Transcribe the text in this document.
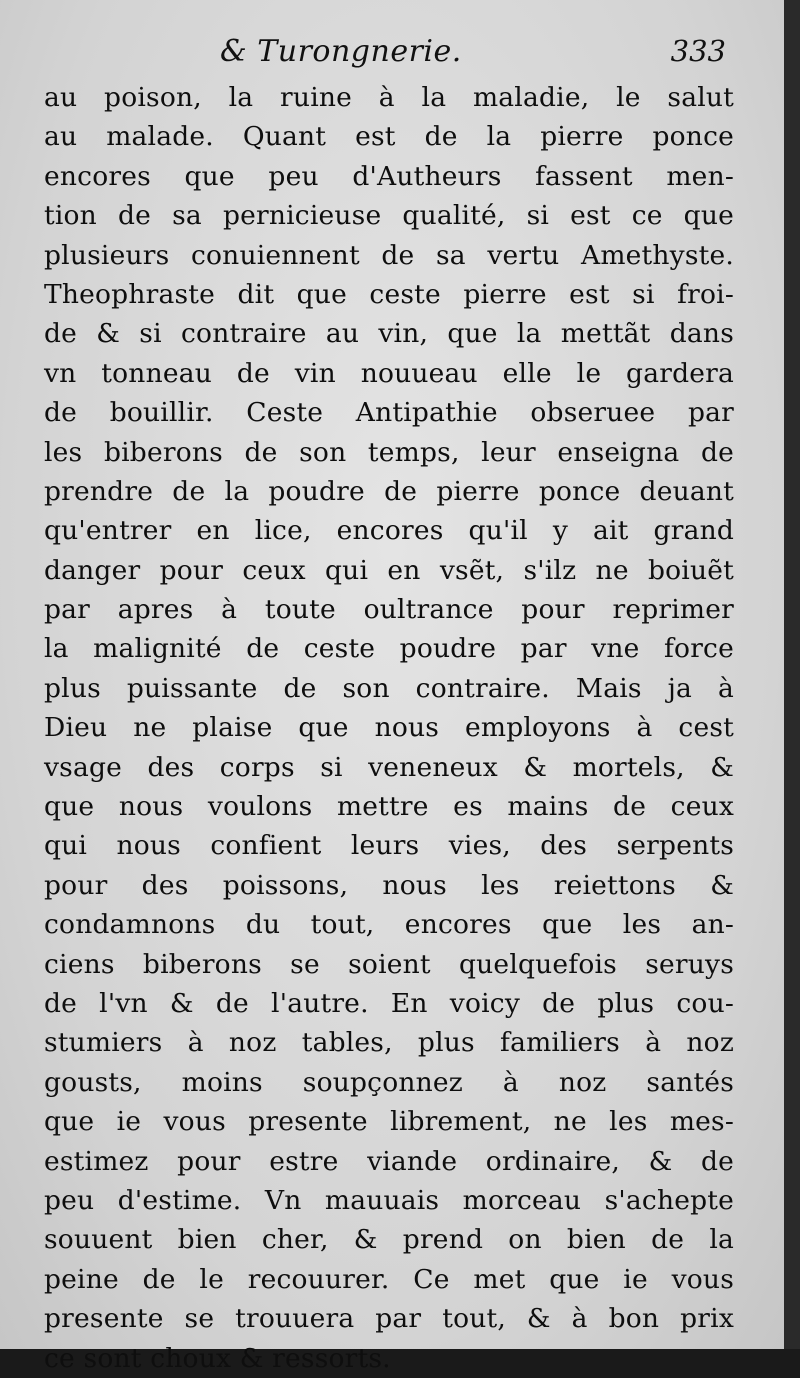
& Turongnerie.	333
au poison, la ruine à la maladie, le salut
au malade. Quant est de la pierre ponce
encores que peu d'Autheurs fassent men-
tion de sa pernicieuse qualité, si est ce que
plusieurs conuiennent de sa vertu Amethyste.
Theophraste dit que ceste pierre est si froi-
de & si contraire au vin, que la mettãt dans
vn tonneau de vin nouueau elle le gardera
de bouillir. Ceste Antipathie obseruee par
les biberons de son temps, leur enseigna de
prendre de la poudre de pierre ponce deuant
qu'entrer en lice, encores qu'il y ait grand
danger pour ceux qui en vsẽt, s'ilz ne boiuẽt
par apres à toute oultrance pour reprimer
la malignité de ceste poudre par vne force
plus puissante de son contraire. Mais ja à
Dieu ne plaise que nous employons à cest
vsage des corps si veneneux & mortels, &
que nous voulons mettre es mains de ceux
qui nous confient leurs vies, des serpents
pour des poissons, nous les reiettons &
condamnons du tout, encores que les an-
ciens biberons se soient quelquefois seruys
de l'vn & de l'autre. En voicy de plus cou-
stumiers à noz tables, plus familiers à noz
gousts, moins soupçonnez à noz santés
que ie vous presente librement, ne les mes-
estimez pour estre viande ordinaire, & de
peu d'estime. Vn mauuais morceau s'achepte
souuent bien cher, & prend on bien de la
peine de le recouurer. Ce met que ie vous
presente se trouuera par tout, & à bon prix
ce sont choux & ressorts.
